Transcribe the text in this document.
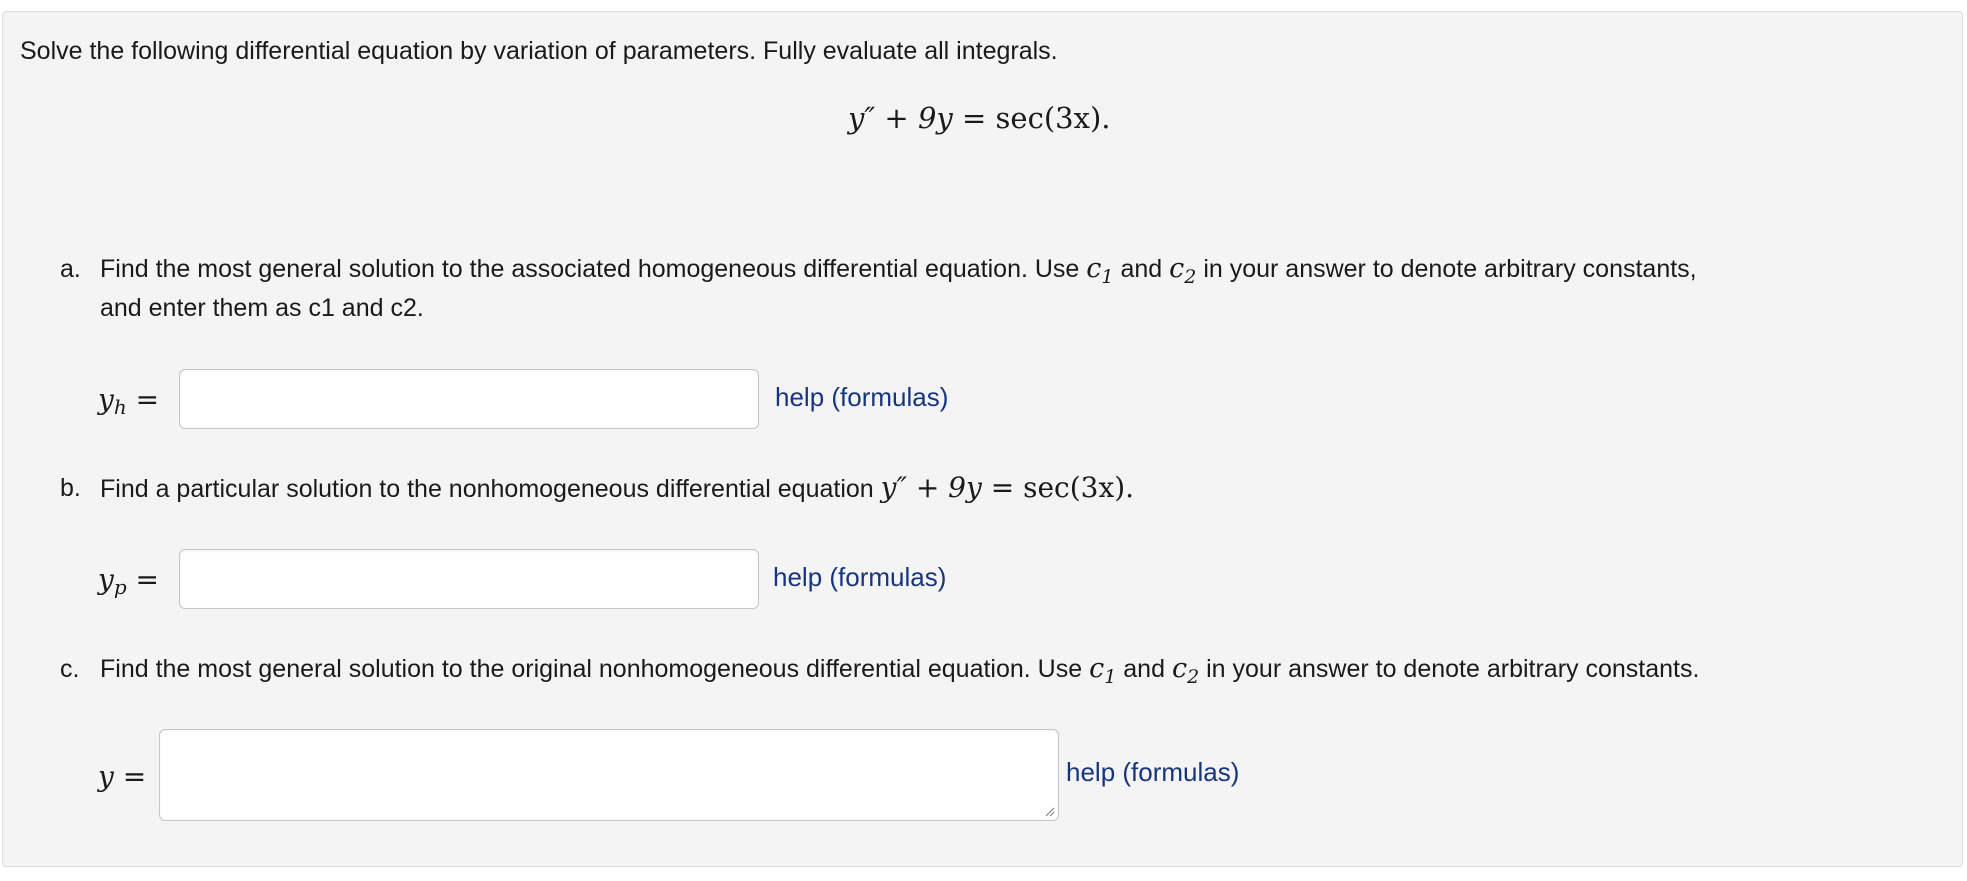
Solve the following differential equation by variation of parameters. Fully evaluate all integrals.
y″ + 9y = sec(3x).
a. Find the most general solution to the associated homogeneous differential equation. Use $c_1$ and $c_2$ in your answer to denote arbitrary constants,
and enter them as c1 and c2.
yh =	help (formulas)
b. Find a particular solution to the nonhomogeneous differential equation y″ + 9y = sec(3x).
yp =	help (formulas)
c. Find the most general solution to the original nonhomogeneous differential equation. Use $c_1$ and $c_2$ in your answer to denote arbitrary constants.
y =	help (formulas)
